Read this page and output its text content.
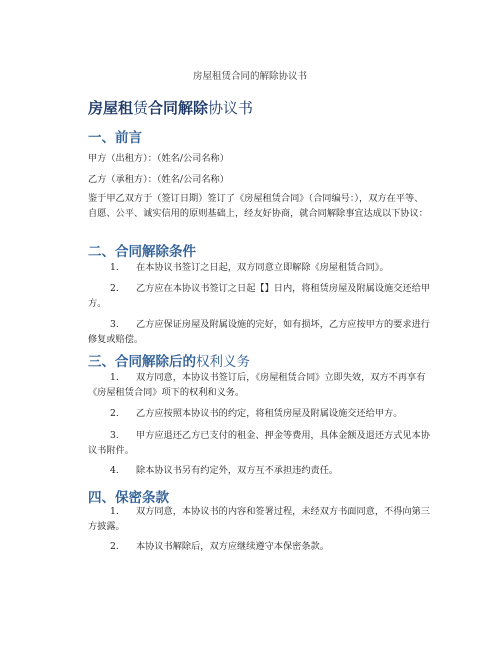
房屋租赁合同的解除协议书
房屋租赁合同解除协议书
一、前言
甲方（出租方）：（姓名/公司名称）
乙方（承租方）：（姓名/公司名称）
鉴于甲乙双方于（签订日期）签订了《房屋租赁合同》（合同编号：），双方在平等、自愿、公平、诚实信用的原则基础上，经友好协商，就合同解除事宜达成以下协议：
二、合同解除条件
1. 在本协议书签订之日起，双方同意立即解除《房屋租赁合同》。
2. 乙方应在本协议书签订之日起【】日内，将租赁房屋及附属设施交还给甲方。
3. 乙方应保证房屋及附属设施的完好，如有损坏，乙方应按甲方的要求进行修复或赔偿。
三、合同解除后的权利义务
1. 双方同意，本协议书签订后，《房屋租赁合同》立即失效，双方不再享有《房屋租赁合同》项下的权利和义务。
2. 乙方应按照本协议书的约定，将租赁房屋及附属设施交还给甲方。
3. 甲方应退还乙方已支付的租金、押金等费用，具体金额及退还方式见本协议书附件。
4. 除本协议书另有约定外，双方互不承担违约责任。
四、保密条款
1. 双方同意，本协议书的内容和签署过程，未经双方书面同意，不得向第三方披露。
2. 本协议书解除后，双方应继续遵守本保密条款。
